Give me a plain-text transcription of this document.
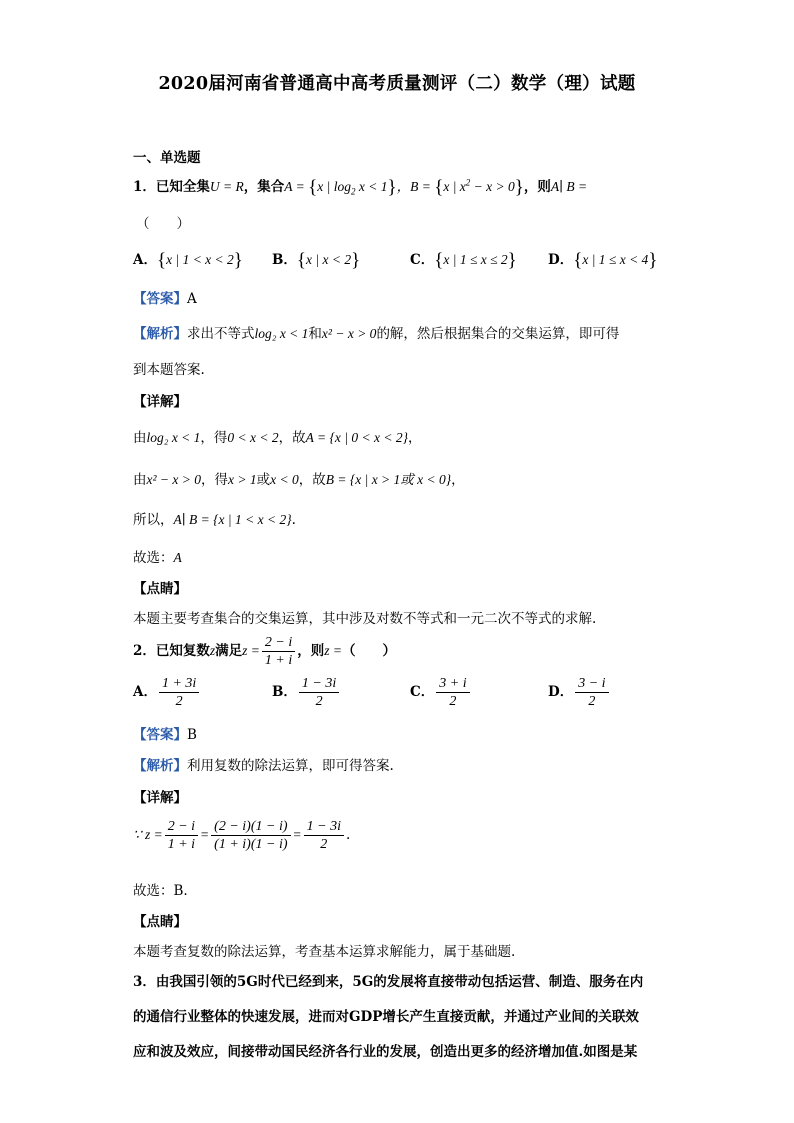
2020届河南省普通高中高考质量测评（二）数学（理）试题
一、单选题
1．已知全集U = R，集合A = {x | $\log_2 x < 1$}，B = {x | $x^2 - x > 0$}，则A∣ B =
（　　）
A．{x | 1 < x < 2} B．{x | x < 2}	C．{x | 1 ≤ x ≤ 2} D．{x | 1 ≤ x < 4}
【答案】A
【解析】求出不等式log₂ x < 1和x² − x > 0的解，然后根据集合的交集运算，即可得
到本题答案.
【详解】
由log₂ x < 1，得0 < x < 2，故A = {x | 0 < x < 2}，
由x² − x > 0，得x > 1或x < 0，故B = {x | x > 1或 x < 0}，
所以，A∣ B = {x | 1 < x < 2}.
故选：A
【点睛】
本题主要考查集合的交集运算，其中涉及对数不等式和一元二次不等式的求解.
2．已知复数z满足$z = \frac{2 - i}{1 + i}$ ，则z =（　　）
A． $\frac{1 + 3i}{2}$	B． $\frac{1 - 3i}{2}$	C． $\frac{3 + i}{2}$	D． $\frac{3 - i}{2}$
【答案】B
【解析】利用复数的除法运算，即可得答案.
【详解】
∵ $z = \frac{2 - i}{1 + i} = \frac{(2 - i)(1 - i)}{(1 + i)(1 - i)} = \frac{1 - 3i}{2}$ .
故选：B.
【点睛】
本题考查复数的除法运算，考查基本运算求解能力，属于基础题.
3．由我国引领的5G时代已经到来，5G的发展将直接带动包括运营、制造、服务在内
的通信行业整体的快速发展，进而对GDP增长产生直接贡献，并通过产业间的关联效
应和波及效应，间接带动国民经济各行业的发展，创造出更多的经济增加值.如图是某
